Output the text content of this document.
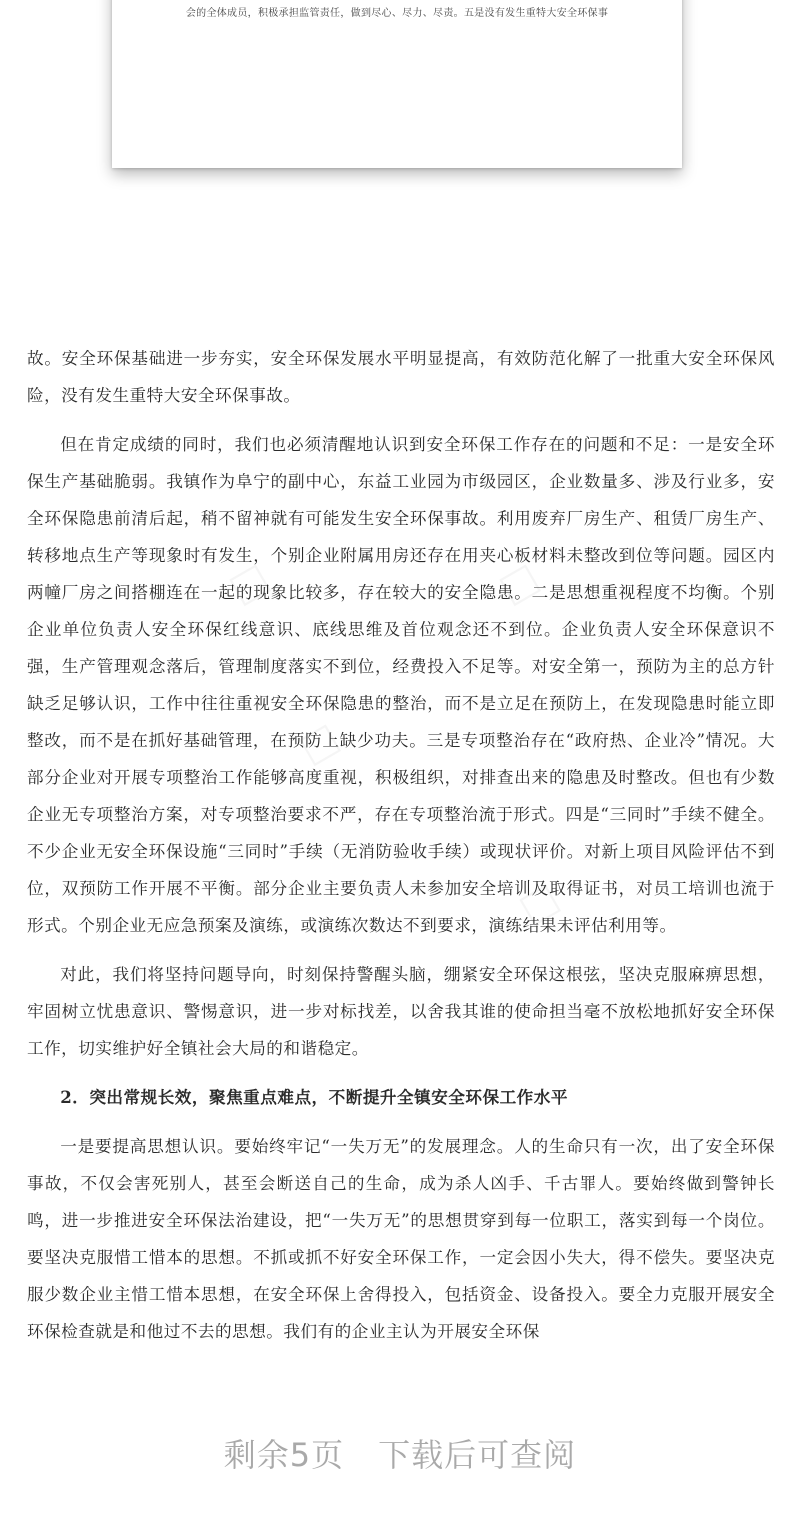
会的全体成员，积极承担监管责任，做到尽心、尽力、尽责。五是没有发生重特大安全环保事

故。安全环保基础进一步夯实，安全环保发展水平明显提高，有效防范化解了一批重大安全环保风险，没有发生重特大安全环保事故。

但在肯定成绩的同时，我们也必须清醒地认识到安全环保工作存在的问题和不足：一是安全环保生产基础脆弱。我镇作为阜宁的副中心，东益工业园为市级园区，企业数量多、涉及行业多，安全环保隐患前清后起，稍不留神就有可能发生安全环保事故。利用废弃厂房生产、租赁厂房生产、转移地点生产等现象时有发生，个别企业附属用房还存在用夹心板材料未整改到位等问题。园区内两幢厂房之间搭棚连在一起的现象比较多，存在较大的安全隐患。二是思想重视程度不均衡。个别企业单位负责人安全环保红线意识、底线思维及首位观念还不到位。企业负责人安全环保意识不强，生产管理观念落后，管理制度落实不到位，经费投入不足等。对安全第一，预防为主的总方针缺乏足够认识，工作中往往重视安全环保隐患的整治，而不是立足在预防上，在发现隐患时能立即整改，而不是在抓好基础管理，在预防上缺少功夫。三是专项整治存在“政府热、企业冷”情况。大部分企业对开展专项整治工作能够高度重视，积极组织，对排查出来的隐患及时整改。但也有少数企业无专项整治方案，对专项整治要求不严，存在专项整治流于形式。四是“三同时”手续不健全。不少企业无安全环保设施“三同时”手续（无消防验收手续）或现状评价。对新上项目风险评估不到位，双预防工作开展不平衡。部分企业主要负责人未参加安全培训及取得证书，对员工培训也流于形式。个别企业无应急预案及演练，或演练次数达不到要求，演练结果未评估利用等。

对此，我们将坚持问题导向，时刻保持警醒头脑，绷紧安全环保这根弦，坚决克服麻痹思想，牢固树立忧患意识、警惕意识，进一步对标找差，以舍我其谁的使命担当毫不放松地抓好安全环保工作，切实维护好全镇社会大局的和谐稳定。

2．突出常规长效，聚焦重点难点，不断提升全镇安全环保工作水平

一是要提高思想认识。要始终牢记“一失万无”的发展理念。人的生命只有一次，出了安全环保事故，不仅会害死别人，甚至会断送自己的生命，成为杀人凶手、千古罪人。要始终做到警钟长鸣，进一步推进安全环保法治建设，把“一失万无”的思想贯穿到每一位职工，落实到每一个岗位。要坚决克服惜工惜本的思想。不抓或抓不好安全环保工作，一定会因小失大，得不偿失。要坚决克服少数企业主惜工惜本思想，在安全环保上舍得投入，包括资金、设备投入。要全力克服开展安全环保检查就是和他过不去的思想。我们有的企业主认为开展安全环保

剩余5页 下载后可查阅
